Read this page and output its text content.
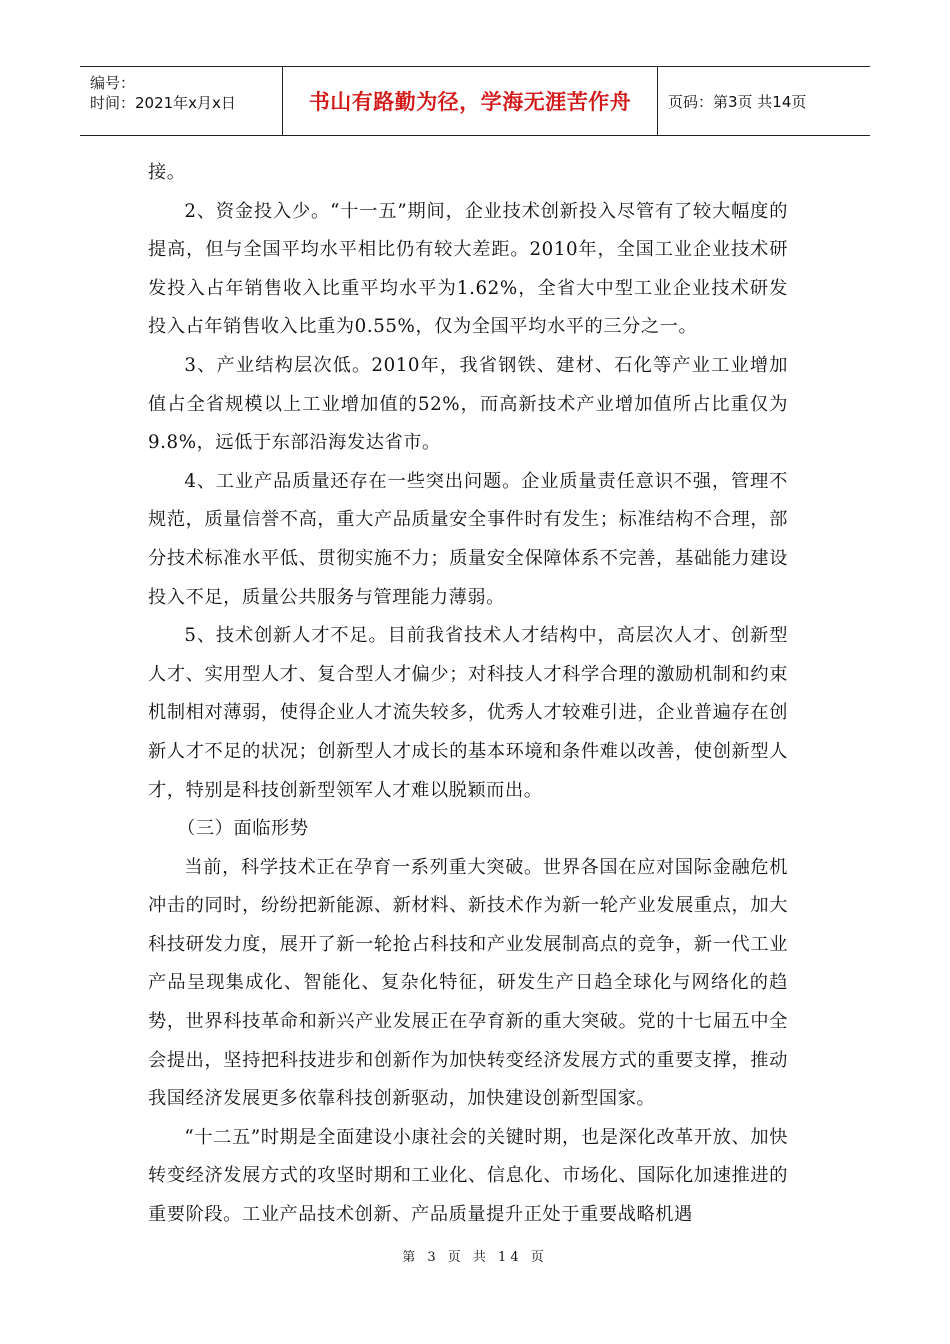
编号：
时间：2021年x月x日	书山有路勤为径，学海无涯苦作舟	页码：第3页 共14页

接。

2、资金投入少。“十一五”期间，企业技术创新投入尽管有了较大幅度的提高，但与全国平均水平相比仍有较大差距。2010年，全国工业企业技术研发投入占年销售收入比重平均水平为1.62%，全省大中型工业企业技术研发投入占年销售收入比重为0.55%，仅为全国平均水平的三分之一。

3、产业结构层次低。2010年，我省钢铁、建材、石化等产业工业增加值占全省规模以上工业增加值的52%，而高新技术产业增加值所占比重仅为9.8%，远低于东部沿海发达省市。

4、工业产品质量还存在一些突出问题。企业质量责任意识不强，管理不规范，质量信誉不高，重大产品质量安全事件时有发生；标准结构不合理，部分技术标准水平低、贯彻实施不力；质量安全保障体系不完善，基础能力建设投入不足，质量公共服务与管理能力薄弱。

5、技术创新人才不足。目前我省技术人才结构中，高层次人才、创新型人才、实用型人才、复合型人才偏少；对科技人才科学合理的激励机制和约束机制相对薄弱，使得企业人才流失较多，优秀人才较难引进，企业普遍存在创新人才不足的状况；创新型人才成长的基本环境和条件难以改善，使创新型人才，特别是科技创新型领军人才难以脱颖而出。

（三）面临形势

当前，科学技术正在孕育一系列重大突破。世界各国在应对国际金融危机冲击的同时，纷纷把新能源、新材料、新技术作为新一轮产业发展重点，加大科技研发力度，展开了新一轮抢占科技和产业发展制高点的竞争，新一代工业产品呈现集成化、智能化、复杂化特征，研发生产日趋全球化与网络化的趋势，世界科技革命和新兴产业发展正在孕育新的重大突破。党的十七届五中全会提出，坚持把科技进步和创新作为加快转变经济发展方式的重要支撑，推动我国经济发展更多依靠科技创新驱动，加快建设创新型国家。

“十二五”时期是全面建设小康社会的关键时期，也是深化改革开放、加快转变经济发展方式的攻坚时期和工业化、信息化、市场化、国际化加速推进的重要阶段。工业产品技术创新、产品质量提升正处于重要战略机遇

第 3 页 共 14 页
